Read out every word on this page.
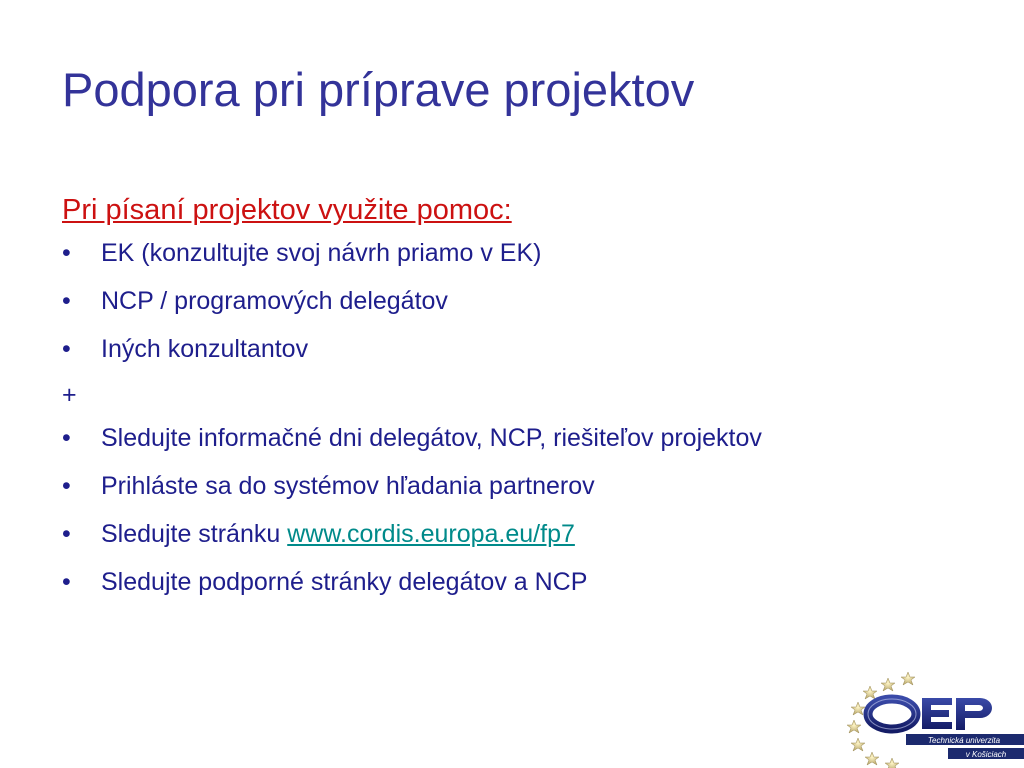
Podpora pri príprave projektov
Pri písaní projektov využite pomoc:
•	EK (konzultujte svoj návrh priamo v EK)
•	NCP / programových delegátov
•	Iných konzultantov
+
•	Sledujte informačné dni delegátov, NCP, riešiteľov projektov
•	Prihláste sa do systémov hľadania partnerov
•	Sledujte stránku www.cordis.europa.eu/fp7
•	Sledujte podporné stránky delegátov a NCP
Technická univerzita
v Košiciach
